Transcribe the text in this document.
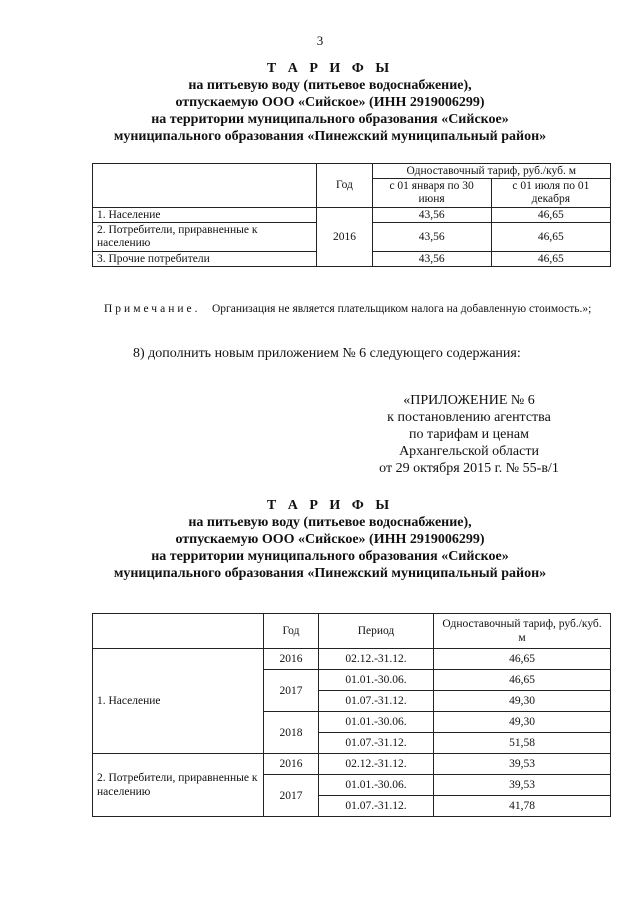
3
Т А Р И Ф Ы
на питьевую воду (питьевое водоснабжение),
отпускаемую ООО «Сийское» (ИНН 2919006299)
на территории муниципального образования «Сийское»
муниципального образования «Пинежский муниципальный район»
	Год	Одноставочный тариф, руб./куб. м	
		с 01 января по 30 июня	с 01 июля по 01 декабря
1. Население	2016	43,56	46,65
2. Потребители, приравненные к населению		43,56	46,65
3. Прочие потребители		43,56	46,65
Примечание. Организация не является плательщиком налога на добавленную стоимость.»;
8) дополнить новым приложением № 6 следующего содержания:
«ПРИЛОЖЕНИЕ № 6
к постановлению агентства
по тарифам и ценам
Архангельской области
от 29 октября 2015 г. № 55-в/1
Т А Р И Ф Ы
на питьевую воду (питьевое водоснабжение),
отпускаемую ООО «Сийское» (ИНН 2919006299)
на территории муниципального образования «Сийское»
муниципального образования «Пинежский муниципальный район»
	Год	Период	Одноставочный тариф, руб./куб. м
1. Население	2016	02.12.-31.12.	46,65
	2017	01.01.-30.06.	46,65
		01.07.-31.12.	49,30
	2018	01.01.-30.06.	49,30
		01.07.-31.12.	51,58
2. Потребители, приравненные к населению	2016	02.12.-31.12.	39,53
	2017	01.01.-30.06.	39,53
		01.07.-31.12.	41,78
